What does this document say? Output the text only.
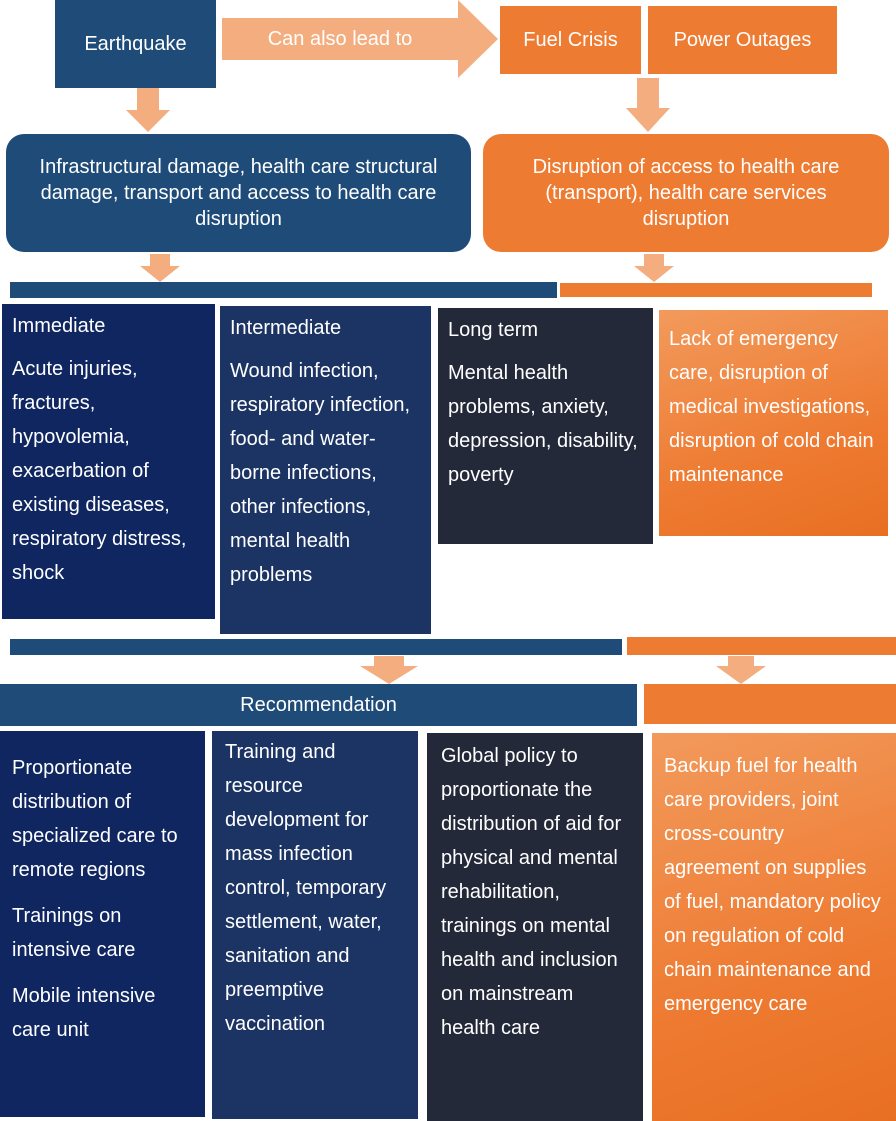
Earthquake	Can also lead to	Fuel Crisis	Power Outages
Infrastructural damage, health care structural damage, transport and access to health care disruption
Disruption of access to health care (transport), health care services disruption
Immediate
Acute injuries, fractures, hypovolemia, exacerbation of existing diseases, respiratory distress, shock
Intermediate
Wound infection, respiratory infection, food- and water-borne infections, other infections, mental health problems
Long term
Mental health problems, anxiety, depression, disability, poverty
Lack of emergency care, disruption of medical investigations, disruption of cold chain maintenance
Recommendation

Proportionate distribution of specialized care to remote regions

Trainings on intensive care

Mobile intensive care unit

Training and resource development for mass infection control, temporary settlement, water, sanitation and preemptive vaccination

Global policy to proportionate the distribution of aid for physical and mental rehabilitation, trainings on mental health and inclusion on mainstream health care

Backup fuel for health care providers, joint cross-country agreement on supplies of fuel, mandatory policy on regulation of cold chain maintenance and emergency care
